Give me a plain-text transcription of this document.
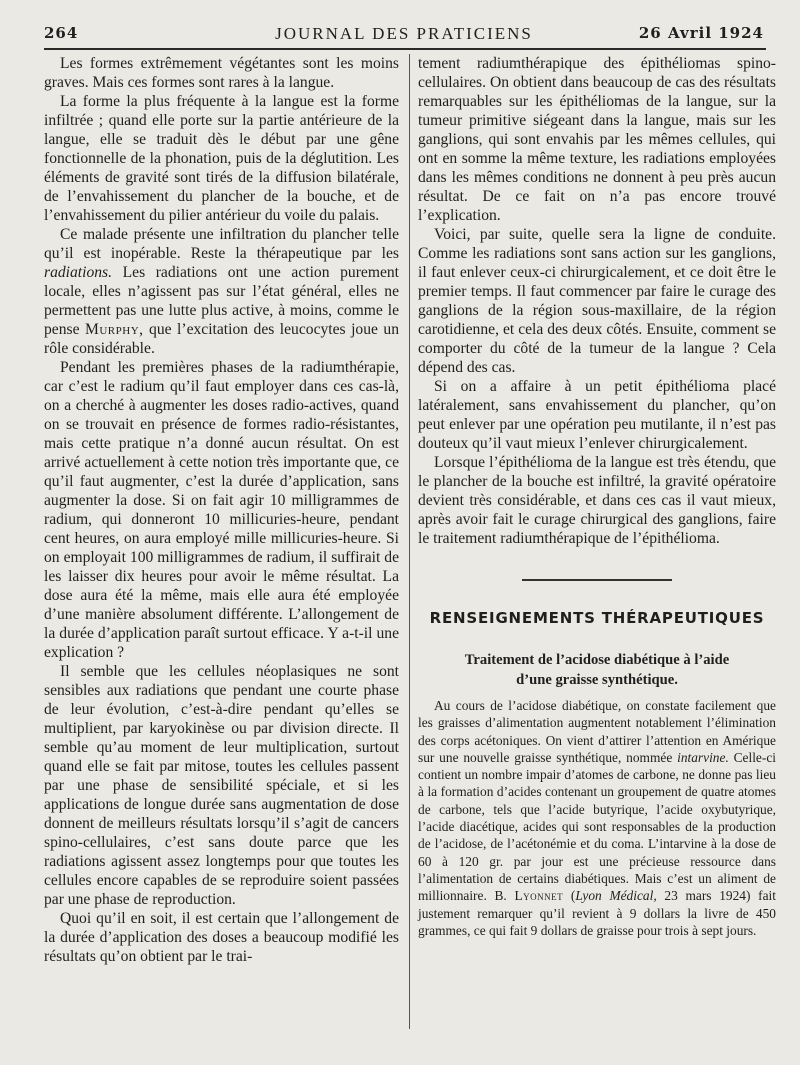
264	JOURNAL DES PRATICIENS	26 Avril 1924

Les formes extrêmement végétantes sont les moins graves. Mais ces formes sont rares à la langue.

La forme la plus fréquente à la langue est la forme infiltrée ; quand elle porte sur la partie antérieure de la langue, elle se traduit dès le début par une gêne fonctionnelle de la phonation, puis de la déglutition. Les éléments de gravité sont tirés de la diffusion bilatérale, de l’envahissement du plancher de la bouche, et de l’envahissement du pilier antérieur du voile du palais.

Ce malade présente une infiltration du plancher telle qu’il est inopérable. Reste la thérapeutique par les radiations. Les radiations ont une action purement locale, elles n’agissent pas sur l’état général, elles ne permettent pas une lutte plus active, à moins, comme le pense Murphy, que l’excitation des leucocytes joue un rôle considérable.

Pendant les premières phases de la radiumthérapie, car c’est le radium qu’il faut employer dans ces cas-là, on a cherché à augmenter les doses radio-actives, quand on se trouvait en présence de formes radio-résistantes, mais cette pratique n’a donné aucun résultat. On est arrivé actuellement à cette notion très importante que, ce qu’il faut augmenter, c’est la durée d’application, sans augmenter la dose. Si on fait agir 10 milligrammes de radium, qui donneront 10 millicuries-heure, pendant cent heures, on aura employé mille millicuries-heure. Si on employait 100 milligrammes de radium, il suffirait de les laisser dix heures pour avoir le même résultat. La dose aura été la même, mais elle aura été employée d’une manière absolument différente. L’allongement de la durée d’application paraît surtout efficace. Y a-t-il une explication ?

Il semble que les cellules néoplasiques ne sont sensibles aux radiations que pendant une courte phase de leur évolution, c’est-à-dire pendant qu’elles se multiplient, par karyokinèse ou par division directe. Il semble qu’au moment de leur multiplication, surtout quand elle se fait par mitose, toutes les cellules passent par une phase de sensibilité spéciale, et si les applications de longue durée sans augmentation de dose donnent de meilleurs résultats lorsqu’il s’agit de cancers spino-cellulaires, c’est sans doute parce que les radiations agissent assez longtemps pour que toutes les cellules encore capables de se reproduire soient passées par une phase de reproduction.

Quoi qu’il en soit, il est certain que l’allongement de la durée d’application des doses a beaucoup modifié les résultats qu’on obtient par le trai-

tement radiumthérapique des épithéliomas spino-cellulaires. On obtient dans beaucoup de cas des résultats remarquables sur les épithéliomas de la langue, sur la tumeur primitive siégeant dans la langue, mais sur les ganglions, qui sont envahis par les mêmes cellules, qui ont en somme la même texture, les radiations employées dans les mêmes conditions ne donnent à peu près aucun résultat. De ce fait on n’a pas encore trouvé l’explication.

Voici, par suite, quelle sera la ligne de conduite. Comme les radiations sont sans action sur les ganglions, il faut enlever ceux-ci chirurgicalement, et ce doit être le premier temps. Il faut commencer par faire le curage des ganglions de la région sous-maxillaire, de la région carotidienne, et cela des deux côtés. Ensuite, comment se comporter du côté de la tumeur de la langue ? Cela dépend des cas.

Si on a affaire à un petit épithélioma placé latéralement, sans envahissement du plancher, qu’on peut enlever par une opération peu mutilante, il n’est pas douteux qu’il vaut mieux l’enlever chirurgicalement.

Lorsque l’épithélioma de la langue est très étendu, que le plancher de la bouche est infiltré, la gravité opératoire devient très considérable, et dans ces cas il vaut mieux, après avoir fait le curage chirurgical des ganglions, faire le traitement radiumthérapique de l’épithélioma.

RENSEIGNEMENTS THÉRAPEUTIQUES
Traitement de l’acidose diabétique à l’aide
d’une graisse synthétique.

Au cours de l’acidose diabétique, on constate facilement que les graisses d’alimentation augmentent notablement l’élimination des corps acétoniques. On vient d’attirer l’attention en Amérique sur une nouvelle graisse synthétique, nommée intarvine. Celle-ci contient un nombre impair d’atomes de carbone, ne donne pas lieu à la formation d’acides contenant un groupement de quatre atomes de carbone, tels que l’acide butyrique, l’acide oxybutyrique, l’acide diacétique, acides qui sont responsables de la production de l’acidose, de l’acétonémie et du coma. L’intarvine à la dose de 60 à 120 gr. par jour est une précieuse ressource dans l’alimentation de certains diabétiques. Mais c’est un aliment de millionnaire. B. Lyonnet (Lyon Médical, 23 mars 1924) fait justement remarquer qu’il revient à 9 dollars la livre de 450 grammes, ce qui fait 9 dollars de graisse pour trois à sept jours.
